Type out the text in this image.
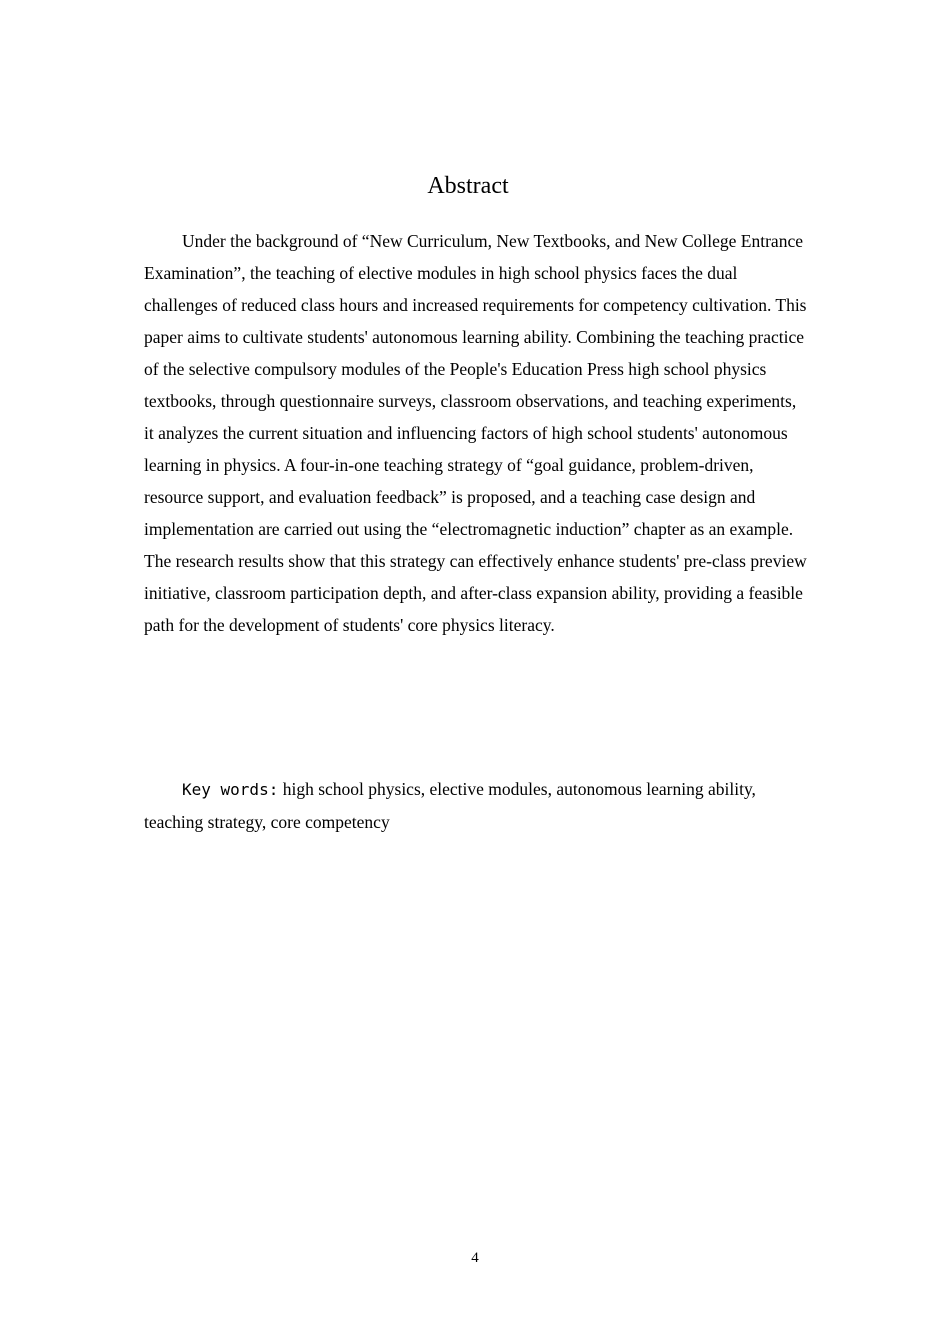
Abstract

Under the background of “New Curriculum, New Textbooks, and New College Entrance Examination”, the teaching of elective modules in high school physics faces the dual challenges of reduced class hours and increased requirements for competency cultivation. This paper aims to cultivate students' autonomous learning ability. Combining the teaching practice of the selective compulsory modules of the People's Education Press high school physics textbooks, through questionnaire surveys, classroom observations, and teaching experiments, it analyzes the current situation and influencing factors of high school students' autonomous learning in physics. A four-in-one teaching strategy of “goal guidance, problem-driven, resource support, and evaluation feedback” is proposed, and a teaching case design and implementation are carried out using the “electromagnetic induction” chapter as an example. The research results show that this strategy can effectively enhance students' pre-class preview initiative, classroom participation depth, and after-class expansion ability, providing a feasible path for the development of students' core physics literacy.

Key words: high school physics, elective modules, autonomous learning ability, teaching strategy, core competency

4
